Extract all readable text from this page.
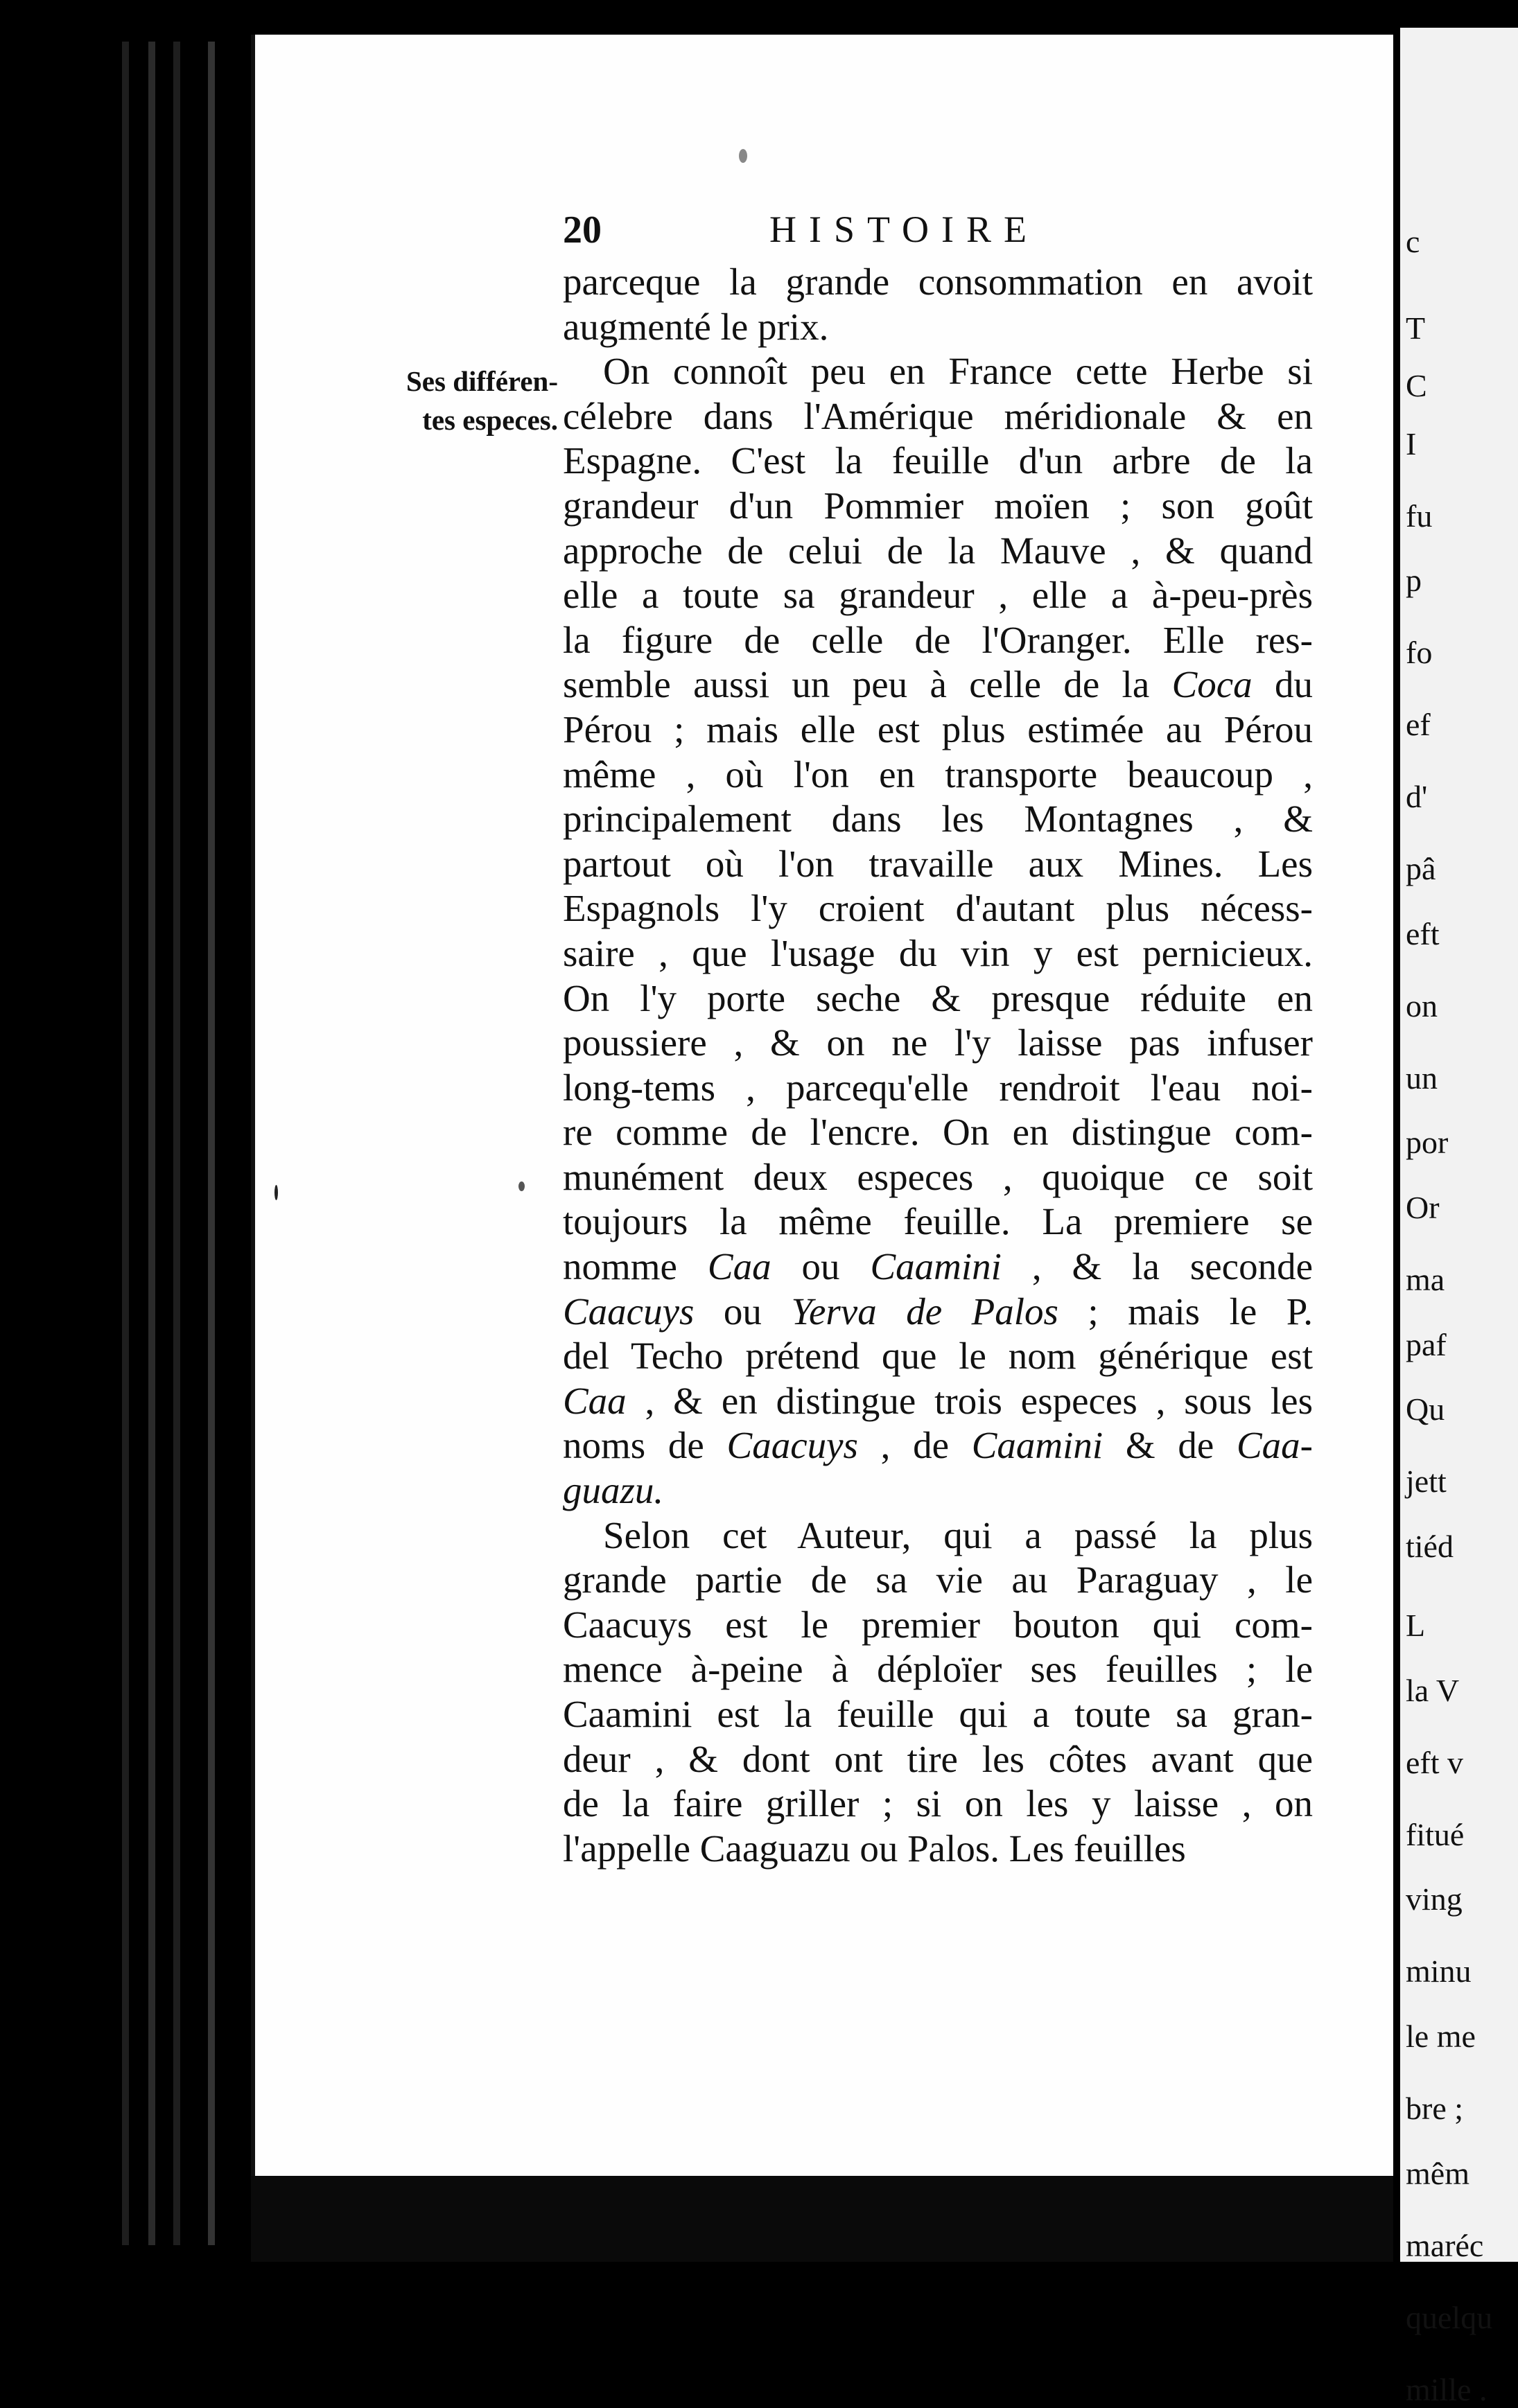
c
T
C
I
fu
p
fo
ef
d'
pâ
eft
on
un
por
Or
ma
paf
Qu
jett
tiéd
L
la V
eft v
fitué
ving
minu
le me
bre ;
mêm
maréc
quelqu
mille .
20	HISTOIRE
Ses différen-
tes especes.
parceque la grande consommation en avoit
augmenté le prix.
On connoît peu en France cette Herbe si
célebre dans l'Amérique méridionale & en
Espagne. C'est la feuille d'un arbre de la
grandeur d'un Pommier moïen ; son goût
approche de celui de la Mauve , & quand
elle a toute sa grandeur , elle a à-peu-près
la figure de celle de l'Oranger. Elle res-
semble aussi un peu à celle de la Coca du
Pérou ; mais elle est plus estimée au Pérou
même , où l'on en transporte beaucoup ,
principalement dans les Montagnes , &
partout où l'on travaille aux Mines. Les
Espagnols l'y croient d'autant plus nécess-
saire , que l'usage du vin y est pernicieux.
On l'y porte seche & presque réduite en
poussiere , & on ne l'y laisse pas infuser
long-tems , parcequ'elle rendroit l'eau noi-
re comme de l'encre. On en distingue com-
munément deux especes , quoique ce soit
toujours la même feuille. La premiere se
nomme Caa ou Caamini , & la seconde
Caacuys ou Yerva de Palos ; mais le P.
del Techo prétend que le nom générique est
Caa , & en distingue trois especes , sous les
noms de Caacuys , de Caamini & de Caa-
guazu.
Selon cet Auteur, qui a passé la plus
grande partie de sa vie au Paraguay , le
Caacuys est le premier bouton qui com-
mence à-peine à déploïer ses feuilles ; le
Caamini est la feuille qui a toute sa gran-
deur , & dont ont tire les côtes avant que
de la faire griller ; si on les y laisse , on
l'appelle Caaguazu ou Palos. Les feuilles
